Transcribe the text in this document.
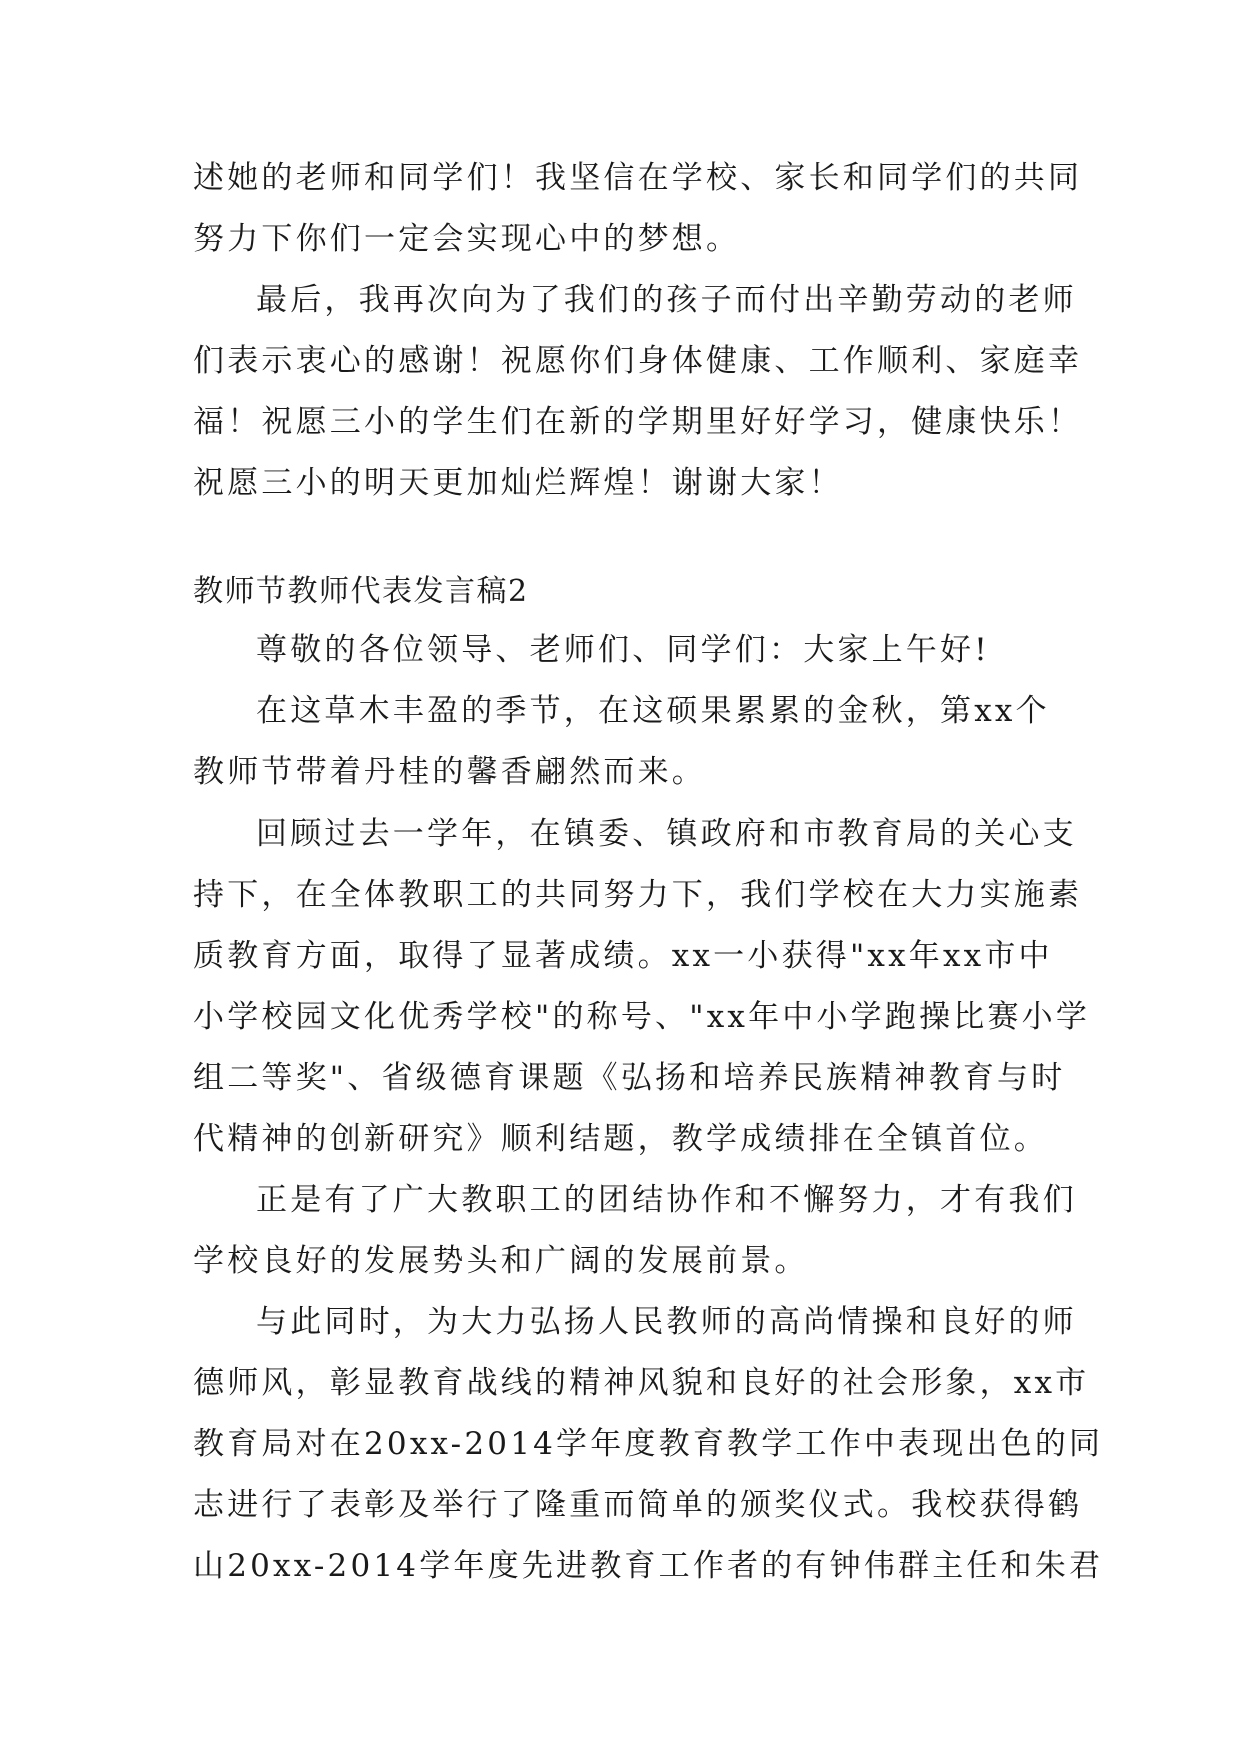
述她的老师和同学们！我坚信在学校、家长和同学们的共同
努力下你们一定会实现心中的梦想。
最后，我再次向为了我们的孩子而付出辛勤劳动的老师
们表示衷心的感谢！祝愿你们身体健康、工作顺利、家庭幸
福！祝愿三小的学生们在新的学期里好好学习，健康快乐！
祝愿三小的明天更加灿烂辉煌！谢谢大家！
教师节教师代表发言稿2
尊敬的各位领导、老师们、同学们：大家上午好!
在这草木丰盈的季节，在这硕果累累的金秋，第xx个
教师节带着丹桂的馨香翩然而来。
回顾过去一学年，在镇委、镇政府和市教育局的关心支
持下，在全体教职工的共同努力下，我们学校在大力实施素
质教育方面，取得了显著成绩。xx一小获得"xx年xx市中
小学校园文化优秀学校"的称号、"xx年中小学跑操比赛小学
组二等奖"、省级德育课题《弘扬和培养民族精神教育与时
代精神的创新研究》顺利结题，教学成绩排在全镇首位。
正是有了广大教职工的团结协作和不懈努力，才有我们
学校良好的发展势头和广阔的发展前景。
与此同时，为大力弘扬人民教师的高尚情操和良好的师
德师风，彰显教育战线的精神风貌和良好的社会形象，xx市
教育局对在20xx-2014学年度教育教学工作中表现出色的同
志进行了表彰及举行了隆重而简单的颁奖仪式。我校获得鹤
山20xx-2014学年度先进教育工作者的有钟伟群主任和朱君
